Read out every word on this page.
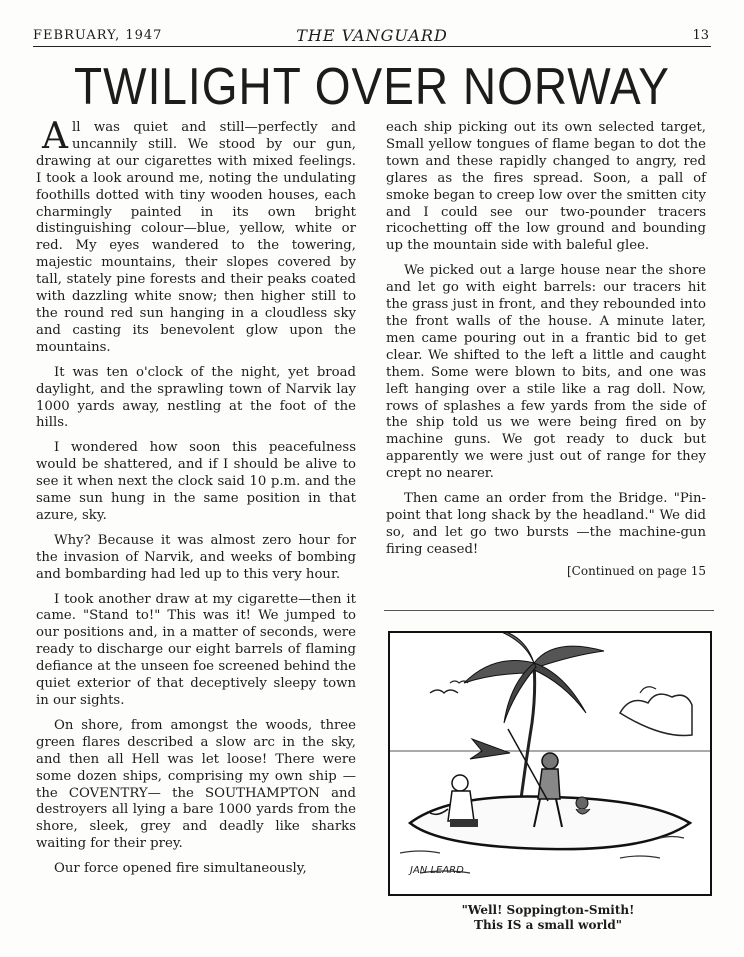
FEBRUARY, 1947	THE VANGUARD	13
TWILIGHT OVER NORWAY

All was quiet and still—perfectly and uncannily still. We stood by our gun, drawing at our cigarettes with mixed feelings. I took a look around me, noting the undulating foothills dotted with tiny wooden houses, each charmingly painted in its own bright distinguishing colour—blue, yellow, white or red. My eyes wandered to the towering, majestic mountains, their slopes covered by tall, stately pine forests and their peaks coated with dazzling white snow; then higher still to the round red sun hanging in a cloudless sky and casting its benevolent glow upon the mountains.

It was ten o'clock of the night, yet broad daylight, and the sprawling town of Narvik lay 1000 yards away, nestling at the foot of the hills.

I wondered how soon this peacefulness would be shattered, and if I should be alive to see it when next the clock said 10 p.m. and the same sun hung in the same position in that azure, sky.

Why? Because it was almost zero hour for the invasion of Narvik, and weeks of bombing and bombarding had led up to this very hour.

I took another draw at my cigarette—then it came. "Stand to!" This was it! We jumped to our positions and, in a matter of seconds, were ready to discharge our eight barrels of flaming defiance at the unseen foe screened behind the quiet exterior of that deceptively sleepy town in our sights.

On shore, from amongst the woods, three green flares described a slow arc in the sky, and then all Hell was let loose! There were some dozen ships, comprising my own ship —the COVENTRY— the SOUTHAMPTON and destroyers all lying a bare 1000 yards from the shore, sleek, grey and deadly like sharks waiting for their prey.

Our force opened fire simultaneously,

each ship picking out its own selected target, Small yellow tongues of flame began to dot the town and these rapidly changed to angry, red glares as the fires spread. Soon, a pall of smoke began to creep low over the smitten city and I could see our two-pounder tracers ricochetting off the low ground and bounding up the mountain side with baleful glee.

We picked out a large house near the shore and let go with eight barrels: our tracers hit the grass just in front, and they rebounded into the front walls of the house. A minute later, men came pouring out in a frantic bid to get clear. We shifted to the left a little and caught them. Some were blown to bits, and one was left hanging over a stile like a rag doll. Now, rows of splashes a few yards from the side of the ship told us we were being fired on by machine guns. We got ready to duck but apparently we were just out of range for they crept no nearer.

Then came an order from the Bridge. "Pin-point that long shack by the headland." We did so, and let go two bursts —the machine-gun firing ceased!

[Continued on page 15
JAN LEARD
"Well! Soppington-Smith!
This IS a small world"
